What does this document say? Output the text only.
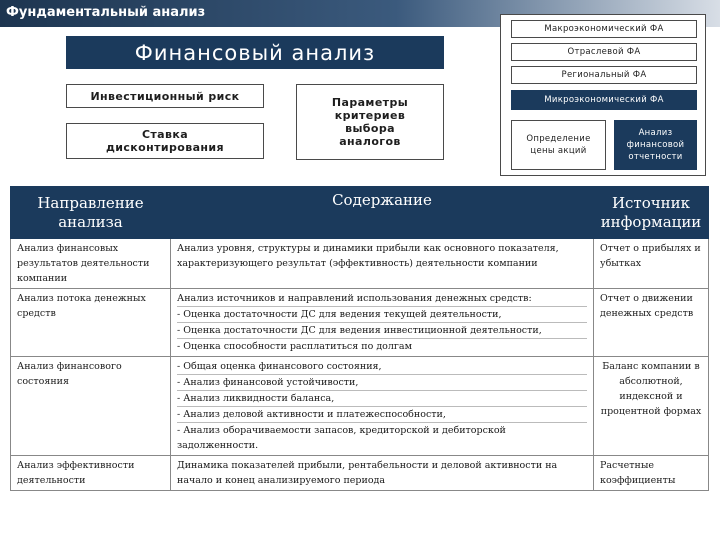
Фундаментальный анализ
Финансовый анализ
Инвестиционный риск
Ставка дисконтирования
Параметры критериев выбора аналогов
Макроэкономический ФА
Отраслевой ФА
Региональный ФА
Микроэкономический ФА
Определение цены акций
Анализ финансовой отчетности
Направление анализа	Содержание	Источник информации
Анализ финансовых результатов деятельности компании	Анализ уровня, структуры и динамики прибыли как основного показателя, характеризующего результат (эффективность) деятельности компании	Отчет о прибылях и убытках
Анализ потока денежных средств	Анализ источников и направлений использования денежных средств:
- Оценка достаточности ДС для ведения текущей деятельности,
- Оценка достаточности ДС для ведения инвестиционной деятельности,
- Оценка способности расплатиться по долгам	Отчет о движении денежных средств
Анализ финансового состояния	- Общая оценка финансового состояния,
- Анализ финансовой устойчивости,
- Анализ ликвидности баланса,
- Анализ деловой активности и платежеспособности,
- Анализ оборачиваемости запасов, кредиторской и дебиторской задолженности.	Баланс компании в абсолютной, индексной и процентной формах
Анализ эффективности деятельности	Динамика показателей прибыли, рентабельности и деловой активности на начало и конец анализируемого периода	Расчетные коэффициенты
